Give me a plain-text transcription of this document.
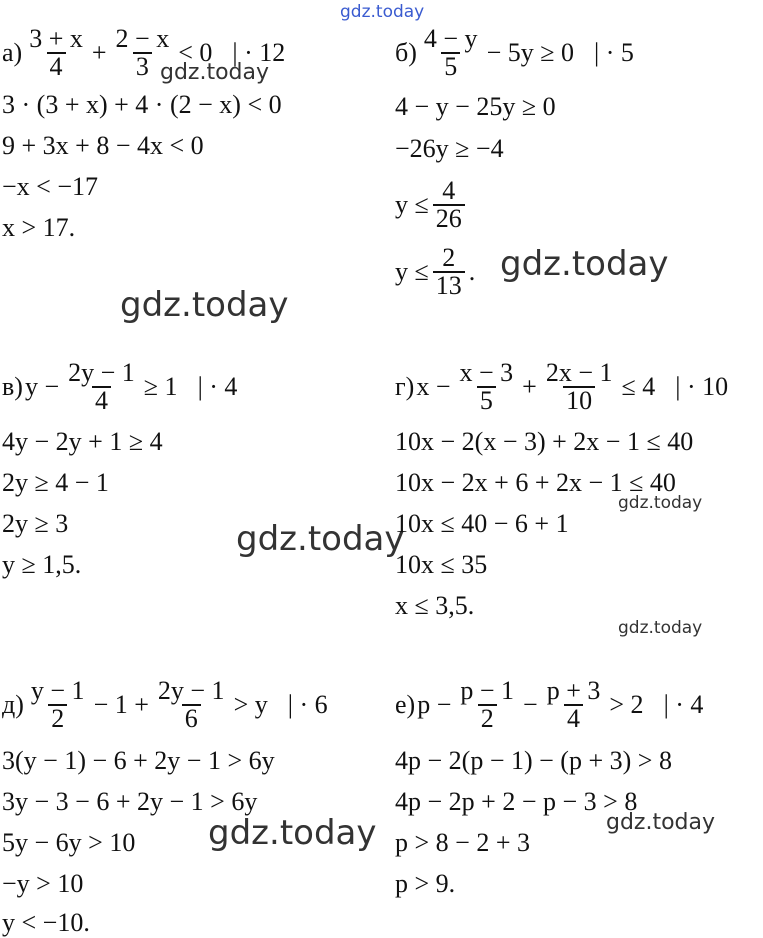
gdz.today
gdz.today
gdz.today
gdz.today
gdz.today
gdz.today
gdz.today
gdz.today	gdz.today
$а) \frac{3 + x}{4} + \frac{2 - x}{3} < 0$ | · 12
3 · (3 + x) + 4 · (2 − x) < 0
9 + 3x + 8 − 4x < 0
−x < −17
x > 17.
$б) \frac{4 - y}{5} - 5y \ge 0$ | · 5
4 − y − 25y ≥ 0
−26y ≥ −4
$y \le \frac{4}{26}$
$y \le \frac{2}{13}$ .
в) $y - \frac{2y - 1}{4} \ge 1$ | · 4
4y − 2y + 1 ≥ 4
2y ≥ 4 − 1
2y ≥ 3
y ≥ 1,5.
г) $x - \frac{x - 3}{5} + \frac{2x - 1}{10} \le 4$ | · 10
10x − 2(x − 3) + 2x − 1 ≤ 40
10x − 2x + 6 + 2x − 1 ≤ 40
10x ≤ 40 − 6 + 1
10x ≤ 35
x ≤ 3,5.
$д) \frac{y - 1}{2} - 1 + \frac{2y - 1}{6} > y$ | · 6
3(y − 1) − 6 + 2y − 1 > 6y
3y − 3 − 6 + 2y − 1 > 6y
5y − 6y > 10
−y > 10
y < −10.
е) $p - \frac{p - 1}{2} - \frac{p + 3}{4} > 2$ | · 4
4p − 2(p − 1) − (p + 3) > 8
4p − 2p + 2 − p − 3 > 8
p > 8 − 2 + 3
p > 9.
